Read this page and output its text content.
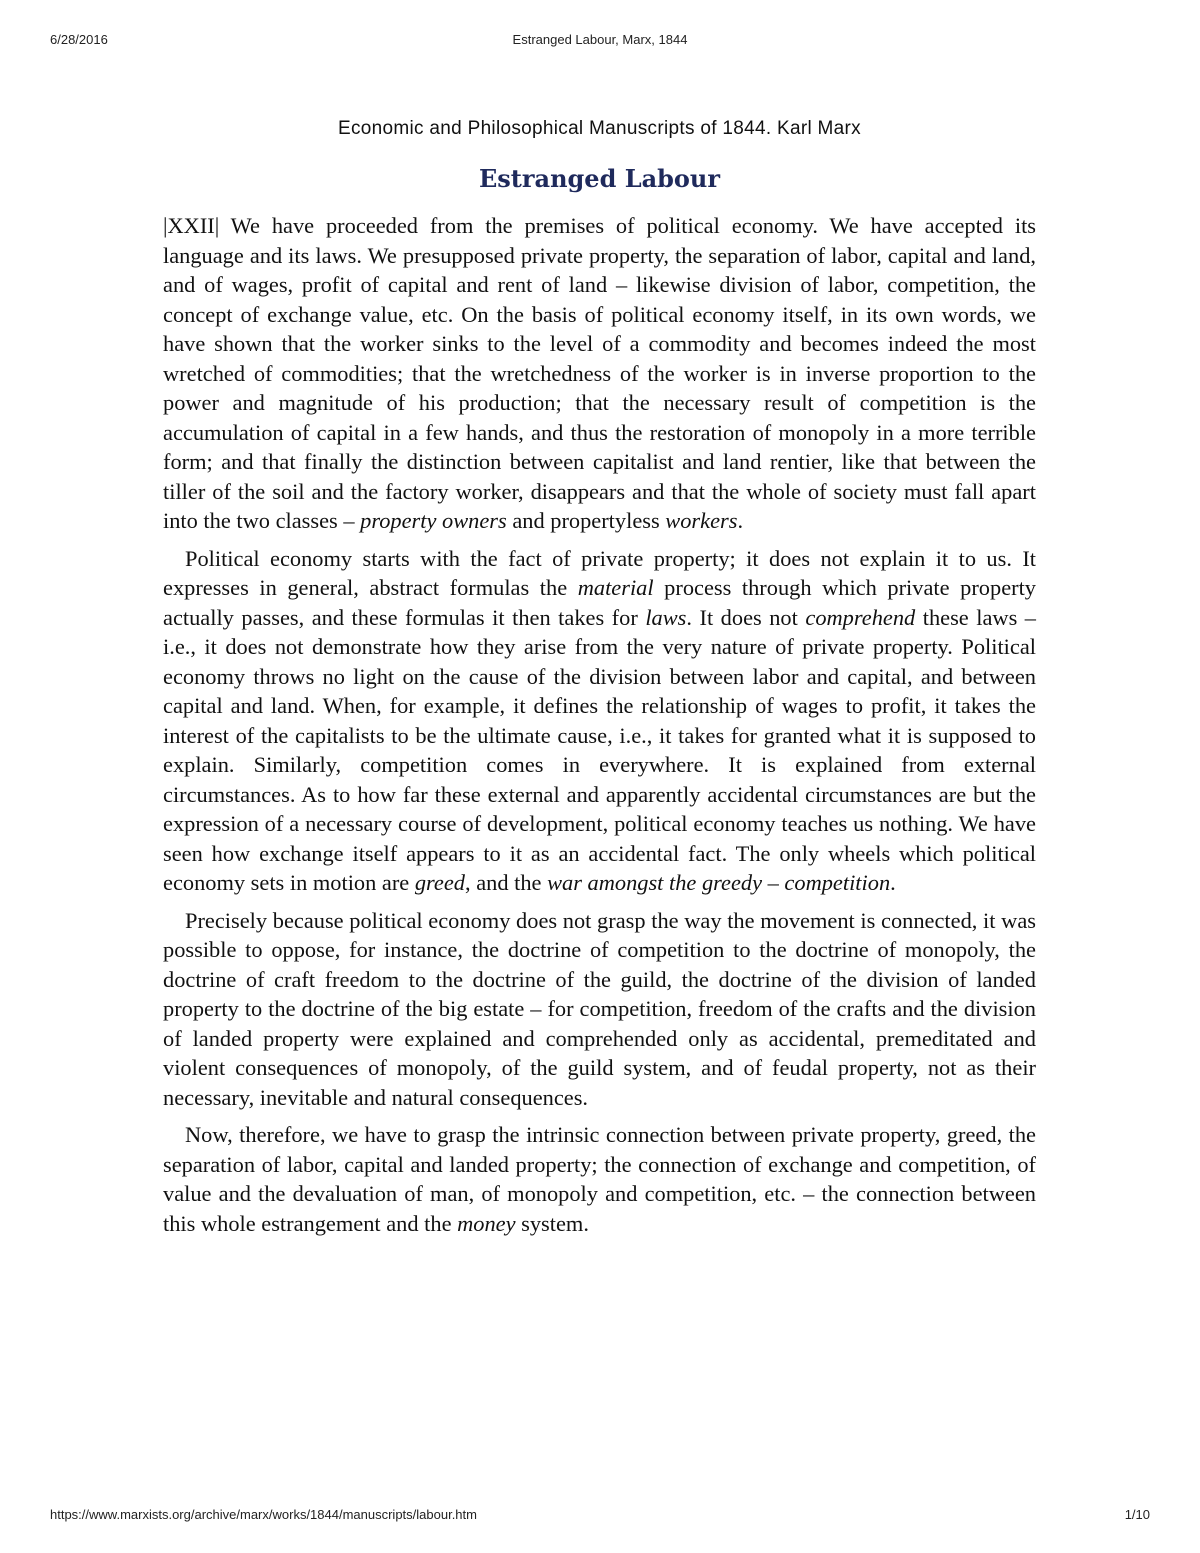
6/28/2016	Estranged Labour, Marx, 1844
Economic and Philosophical Manuscripts of 1844. Karl Marx
Estranged Labour

|XXII| We have proceeded from the premises of political economy. We have accepted its language and its laws. We presupposed private property, the separation of labor, capital and land, and of wages, profit of capital and rent of land – likewise division of labor, competition, the concept of exchange value, etc. On the basis of political economy itself, in its own words, we have shown that the worker sinks to the level of a commodity and becomes indeed the most wretched of commodities; that the wretchedness of the worker is in inverse proportion to the power and magnitude of his production; that the necessary result of competition is the accumulation of capital in a few hands, and thus the restoration of monopoly in a more terrible form; and that finally the distinction between capitalist and land rentier, like that between the tiller of the soil and the factory worker, disappears and that the whole of society must fall apart into the two classes – property owners and propertyless workers.

Political economy starts with the fact of private property; it does not explain it to us. It expresses in general, abstract formulas the material process through which private property actually passes, and these formulas it then takes for laws. It does not comprehend these laws – i.e., it does not demonstrate how they arise from the very nature of private property. Political economy throws no light on the cause of the division between labor and capital, and between capital and land. When, for example, it defines the relationship of wages to profit, it takes the interest of the capitalists to be the ultimate cause, i.e., it takes for granted what it is supposed to explain. Similarly, competition comes in everywhere. It is explained from external circumstances. As to how far these external and apparently accidental circumstances are but the expression of a necessary course of development, political economy teaches us nothing. We have seen how exchange itself appears to it as an accidental fact. The only wheels which political economy sets in motion are greed, and the war amongst the greedy – competition.

Precisely because political economy does not grasp the way the movement is connected, it was possible to oppose, for instance, the doctrine of competition to the doctrine of monopoly, the doctrine of craft freedom to the doctrine of the guild, the doctrine of the division of landed property to the doctrine of the big estate – for competition, freedom of the crafts and the division of landed property were explained and comprehended only as accidental, premeditated and violent consequences of monopoly, of the guild system, and of feudal property, not as their necessary, inevitable and natural consequences.

Now, therefore, we have to grasp the intrinsic connection between private property, greed, the separation of labor, capital and landed property; the connection of exchange and competition, of value and the devaluation of man, of monopoly and competition, etc. – the connection between this whole estrangement and the money system.

https://www.marxists.org/archive/marx/works/1844/manuscripts/labour.htm	1/10
